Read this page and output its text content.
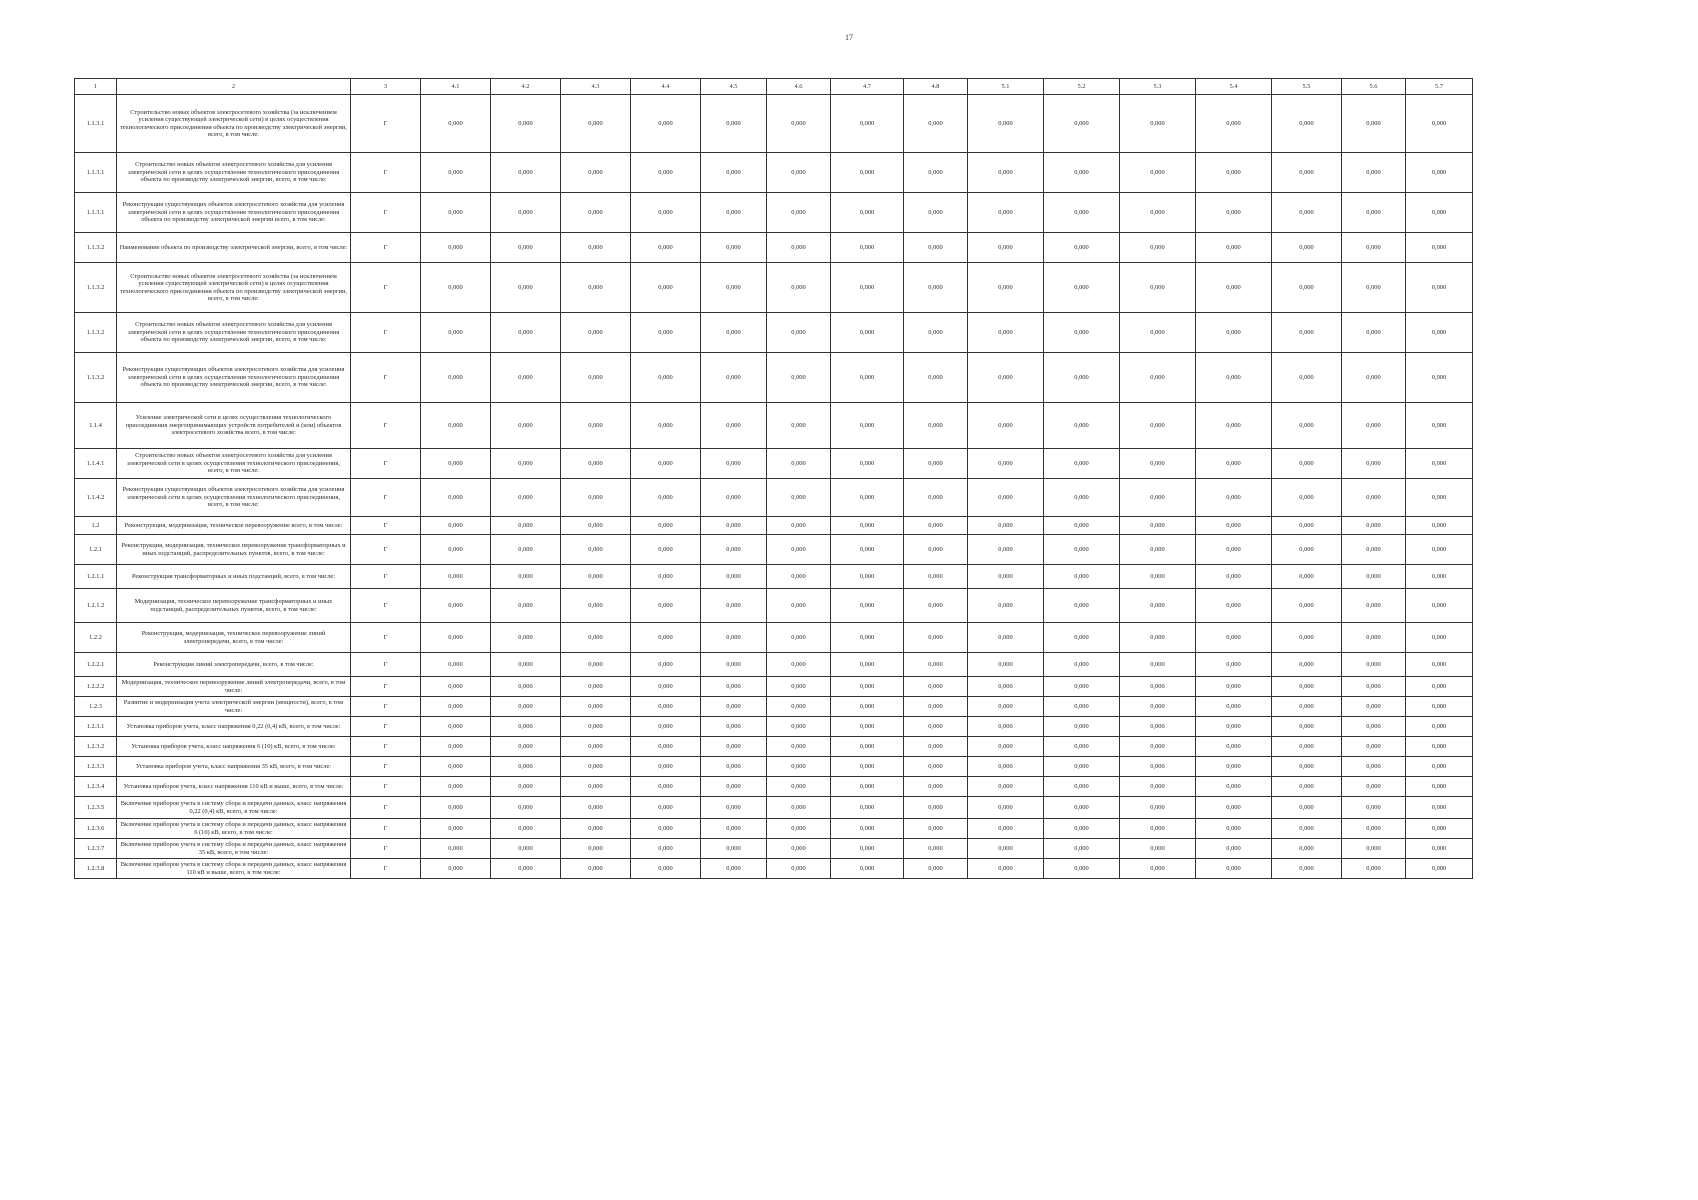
17
1	2	3	4.1	4.2	4.3	4.4	4.5	4.6	4.7	4.8	5.1	5.2	5.3	5.4	5.5	5.6	5.7
1.1.3.1	Строительство новых объектов электросетевого хозяйства (за исключением усиления существующей электрической сети) в целях осуществления технологического присоединения объекта по производству электрической энергии, всего, в том числе:	Г	0,000	0,000	0,000	0,000	0,000	0,000	0,000	0,000	0,000	0,000	0,000	0,000	0,000	0,000	0,000
1.1.3.1	Строительство новых объектов электросетевого хозяйства для усиления электрической сети в целях осуществления технологического присоединения объекта по производству электрической энергии, всего, в том числе:	Г	0,000	0,000	0,000	0,000	0,000	0,000	0,000	0,000	0,000	0,000	0,000	0,000	0,000	0,000	0,000
1.1.3.1	Реконструкция существующих объектов электросетевого хозяйства для усиления электрической сети в целях осуществления технологического присоединения объекта по производству электрической энергии всего, в том числе:	Г	0,000	0,000	0,000	0,000	0,000	0,000	0,000	0,000	0,000	0,000	0,000	0,000	0,000	0,000	0,000
1.1.3.2	Наименование объекта по производству электрической энергии, всего, в том числе:	Г	0,000	0,000	0,000	0,000	0,000	0,000	0,000	0,000	0,000	0,000	0,000	0,000	0,000	0,000	0,000
1.1.3.2	Строительство новых объектов электросетевого хозяйства (за исключением усиления существующей электрической сети) в целях осуществления технологического присоединения объекта по производству электрической энергии, всего, в том числе:	Г	0,000	0,000	0,000	0,000	0,000	0,000	0,000	0,000	0,000	0,000	0,000	0,000	0,000	0,000	0,000
1.1.3.2	Строительство новых объектов электросетевого хозяйства для усиления электрической сети в целях осуществления технологического присоединения объекта по производству электрической энергии, всего, в том числе:	Г	0,000	0,000	0,000	0,000	0,000	0,000	0,000	0,000	0,000	0,000	0,000	0,000	0,000	0,000	0,000
1.1.3.2	Реконструкция существующих объектов электросетевого хозяйства для усиления электрической сети в целях осуществления технологического присоединения объекта по производству электрической энергии, всего, в том числе:	Г	0,000	0,000	0,000	0,000	0,000	0,000	0,000	0,000	0,000	0,000	0,000	0,000	0,000	0,000	0,000
1.1.4	Усиление электрической сети в целях осуществления технологического присоединения энергопринимающих устройств потребителей и (или) объектов электросетевого хозяйства всего, в том числе:	Г	0,000	0,000	0,000	0,000	0,000	0,000	0,000	0,000	0,000	0,000	0,000	0,000	0,000	0,000	0,000
1.1.4.1	Строительство новых объектов электросетевого хозяйства для усиления электрической сети в целях осуществления технологического присоединения, всего, в том числе:	Г	0,000	0,000	0,000	0,000	0,000	0,000	0,000	0,000	0,000	0,000	0,000	0,000	0,000	0,000	0,000
1.1.4.2	Реконструкция существующих объектов электросетевого хозяйства для усиления электрической сети в целях осуществления технологического присоединения, всего, в том числе:	Г	0,000	0,000	0,000	0,000	0,000	0,000	0,000	0,000	0,000	0,000	0,000	0,000	0,000	0,000	0,000
1.2	Реконструкция, модернизация, техническое перевооружение всего, в том числе:	Г	0,000	0,000	0,000	0,000	0,000	0,000	0,000	0,000	0,000	0,000	0,000	0,000	0,000	0,000	0,000
1.2.1	Реконструкция, модернизация, техническое перевооружение трансформаторных и иных подстанций, распределительных пунктов, всего, в том числе:	Г	0,000	0,000	0,000	0,000	0,000	0,000	0,000	0,000	0,000	0,000	0,000	0,000	0,000	0,000	0,000
1.2.1.1	Реконструкция трансформаторных и иных подстанций, всего, в том числе:	Г	0,000	0,000	0,000	0,000	0,000	0,000	0,000	0,000	0,000	0,000	0,000	0,000	0,000	0,000	0,000
1.2.1.2	Модернизация, техническое перевооружение трансформаторных и иных подстанций, распределительных пунктов, всего, в том числе:	Г	0,000	0,000	0,000	0,000	0,000	0,000	0,000	0,000	0,000	0,000	0,000	0,000	0,000	0,000	0,000
1.2.2	Реконструкция, модернизация, техническое перевооружение линий электропередачи, всего, в том числе:	Г	0,000	0,000	0,000	0,000	0,000	0,000	0,000	0,000	0,000	0,000	0,000	0,000	0,000	0,000	0,000
1.2.2.1	Реконструкция линий электропередачи, всего, в том числе:	Г	0,000	0,000	0,000	0,000	0,000	0,000	0,000	0,000	0,000	0,000	0,000	0,000	0,000	0,000	0,000
1.2.2.2	Модернизация, техническое перевооружение линий электропередачи, всего, в том числе:	Г	0,000	0,000	0,000	0,000	0,000	0,000	0,000	0,000	0,000	0,000	0,000	0,000	0,000	0,000	0,000
1.2.3	Развитие и модернизация учета электрической энергии (мощности), всего, в том числе:	Г	0,000	0,000	0,000	0,000	0,000	0,000	0,000	0,000	0,000	0,000	0,000	0,000	0,000	0,000	0,000
1.2.3.1	Установка приборов учета, класс напряжения 0,22 (0,4) кВ, всего, в том числе:	Г	0,000	0,000	0,000	0,000	0,000	0,000	0,000	0,000	0,000	0,000	0,000	0,000	0,000	0,000	0,000
1.2.3.2	Установка приборов учета, класс напряжения 6 (10) кВ, всего, в том числе:	Г	0,000	0,000	0,000	0,000	0,000	0,000	0,000	0,000	0,000	0,000	0,000	0,000	0,000	0,000	0,000
1.2.3.3	Установка приборов учета, класс напряжения 35 кВ, всего, в том числе:	Г	0,000	0,000	0,000	0,000	0,000	0,000	0,000	0,000	0,000	0,000	0,000	0,000	0,000	0,000	0,000
1.2.3.4	Установка приборов учета, класс напряжения 110 кВ и выше, всего, в том числе:	Г	0,000	0,000	0,000	0,000	0,000	0,000	0,000	0,000	0,000	0,000	0,000	0,000	0,000	0,000	0,000
1.2.3.5	Включение приборов учета в систему сбора и передачи данных, класс напряжения 0,22 (0,4) кВ, всего, в том числе:	Г	0,000	0,000	0,000	0,000	0,000	0,000	0,000	0,000	0,000	0,000	0,000	0,000	0,000	0,000	0,000
1.2.3.6	Включение приборов учета в систему сбора и передачи данных, класс напряжения 6 (10) кВ, всего, в том числе:	Г	0,000	0,000	0,000	0,000	0,000	0,000	0,000	0,000	0,000	0,000	0,000	0,000	0,000	0,000	0,000
1.2.3.7	Включение приборов учета в систему сбора и передачи данных, класс напряжения 35 кВ, всего, в том числе:	Г	0,000	0,000	0,000	0,000	0,000	0,000	0,000	0,000	0,000	0,000	0,000	0,000	0,000	0,000	0,000
1.2.3.8	Включение приборов учета в систему сбора и передачи данных, класс напряжения 110 кВ и выше, всего, в том числе:	Г	0,000	0,000	0,000	0,000	0,000	0,000	0,000	0,000	0,000	0,000	0,000	0,000	0,000	0,000	0,000
